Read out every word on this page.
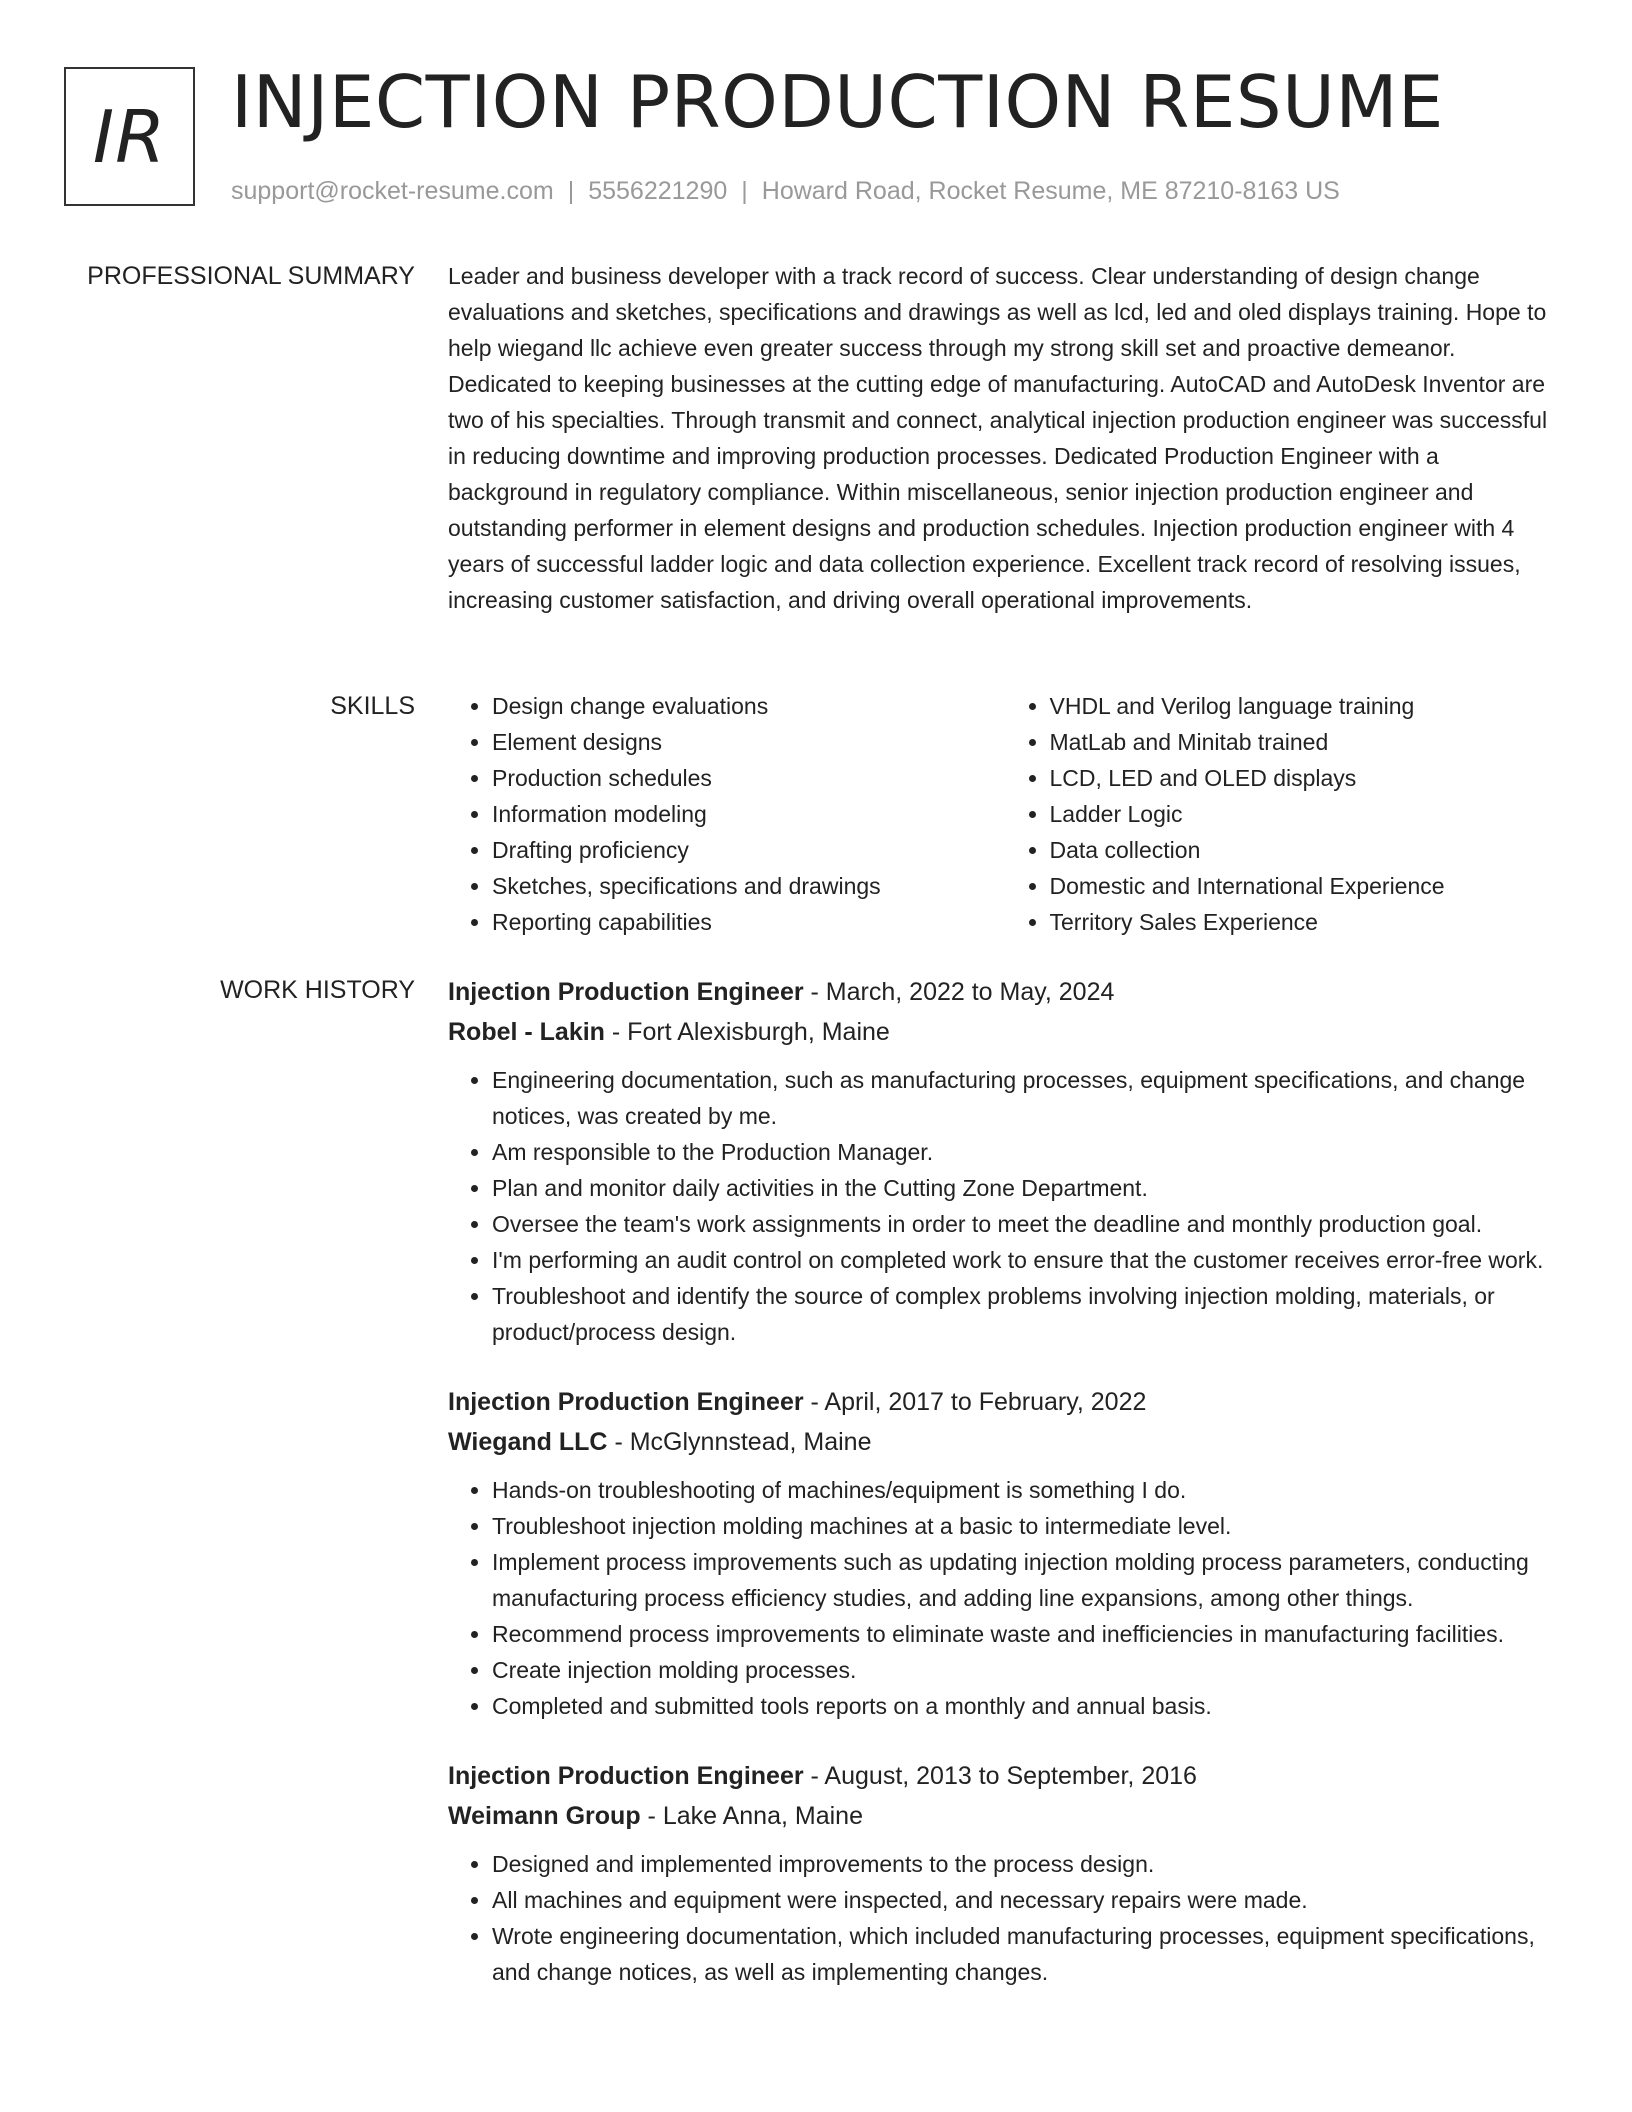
IR INJECTION PRODUCTION RESUME
support@rocket-resume.com | 5556221290 | Howard Road, Rocket Resume, ME 87210-8163 US
PROFESSIONAL SUMMARY Leader and business developer with a track record of success. Clear understanding of design change evaluations and sketches, specifications and drawings as well as lcd, led and oled displays training. Hope to help wiegand llc achieve even greater success through my strong skill set and proactive demeanor. Dedicated to keeping businesses at the cutting edge of manufacturing. AutoCAD and AutoDesk Inventor are two of his specialties. Through transmit and connect, analytical injection production engineer was successful in reducing downtime and improving production processes. Dedicated Production Engineer with a background in regulatory compliance. Within miscellaneous, senior injection production engineer and outstanding performer in element designs and production schedules. Injection production engineer with 4 years of successful ladder logic and data collection experience. Excellent track record of resolving issues, increasing customer satisfaction, and driving overall operational improvements.

SKILLS
•	Design change evaluations
• Element designs
• Production schedules
• Information modeling
• Drafting proficiency
• Sketches, specifications and drawings
• Reporting capabilities
• VHDL and Verilog language training
• MatLab and Minitab trained
• LCD, LED and OLED displays
• Ladder Logic
• Data collection
• Domestic and International Experience
• Territory Sales Experience
WORK HISTORY Injection Production Engineer - March, 2022 to May, 2024
Robel - Lakin - Fort Alexisburgh, Maine
• Engineering documentation, such as manufacturing processes, equipment specifications, and change notices, was created by me.
• Am responsible to the Production Manager.
• Plan and monitor daily activities in the Cutting Zone Department.
• Oversee the team's work assignments in order to meet the deadline and monthly production goal.
• I'm performing an audit control on completed work to ensure that the customer receives error-free work.
• Troubleshoot and identify the source of complex problems involving injection molding, materials, or product/process design.
Injection Production Engineer - April, 2017 to February, 2022
Wiegand LLC - McGlynnstead, Maine
• Hands-on troubleshooting of machines/equipment is something I do.
• Troubleshoot injection molding machines at a basic to intermediate level.
• Implement process improvements such as updating injection molding process parameters, conducting manufacturing process efficiency studies, and adding line expansions, among other things.
• Recommend process improvements to eliminate waste and inefficiencies in manufacturing facilities.
• Create injection molding processes.
• Completed and submitted tools reports on a monthly and annual basis.
Injection Production Engineer - August, 2013 to September, 2016
Weimann Group - Lake Anna, Maine
• Designed and implemented improvements to the process design.
• All machines and equipment were inspected, and necessary repairs were made.
• Wrote engineering documentation, which included manufacturing processes, equipment specifications, and change notices, as well as implementing changes.
